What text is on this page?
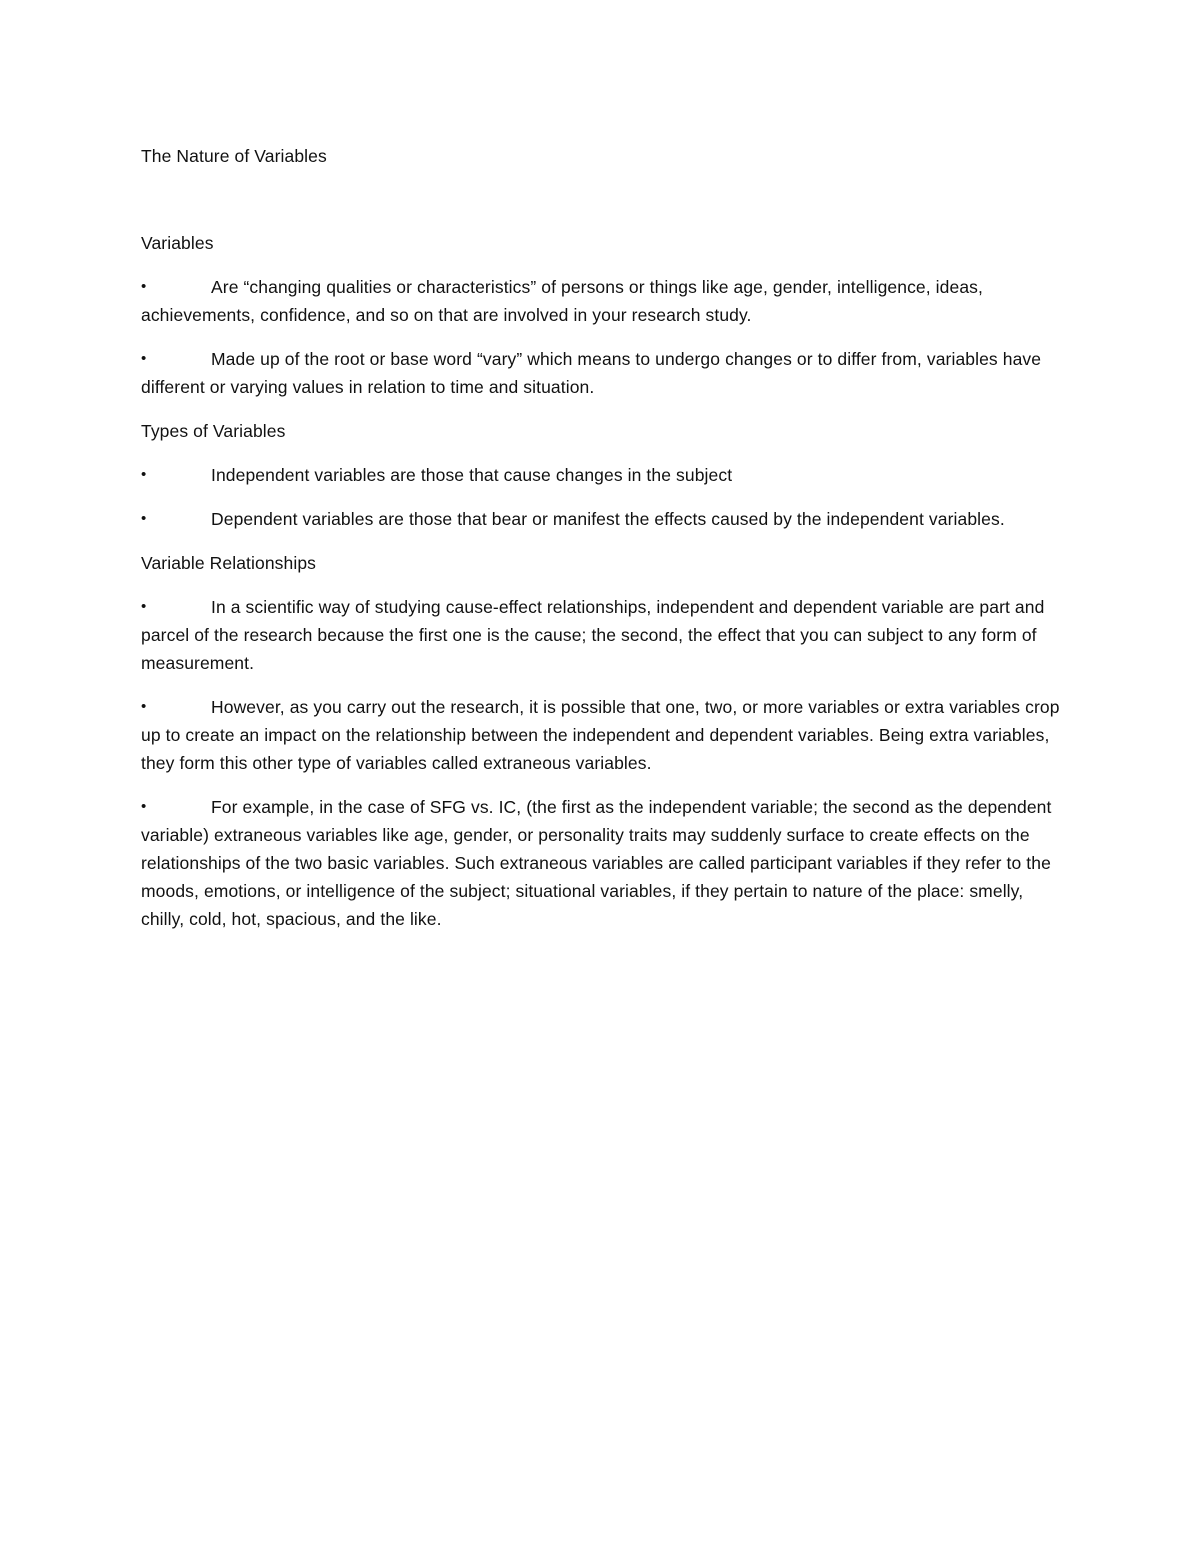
The Nature of Variables
Variables
•	Are “changing qualities or characteristics” of persons or things like age, gender, intelligence, ideas, achievements, confidence, and so on that are involved in your research study.
•	Made up of the root or base word “vary” which means to undergo changes or to differ from, variables have different or varying values in relation to time and situation.
Types of Variables
•	Independent variables are those that cause changes in the subject
•	Dependent variables are those that bear or manifest the effects caused by the independent variables.
Variable Relationships
•	In a scientific way of studying cause-effect relationships, independent and dependent variable are part and parcel of the research because the first one is the cause; the second, the effect that you can subject to any form of measurement.
•	However, as you carry out the research, it is possible that one, two, or more variables or extra variables crop up to create an impact on the relationship between the independent and dependent variables. Being extra variables, they form this other type of variables called extraneous variables.
•	For example, in the case of SFG vs. IC, (the first as the independent variable; the second as the dependent variable) extraneous variables like age, gender, or personality traits may suddenly surface to create effects on the relationships of the two basic variables. Such extraneous variables are called participant variables if they refer to the moods, emotions, or intelligence of the subject; situational variables, if they pertain to nature of the place: smelly, chilly, cold, hot, spacious, and the like.
